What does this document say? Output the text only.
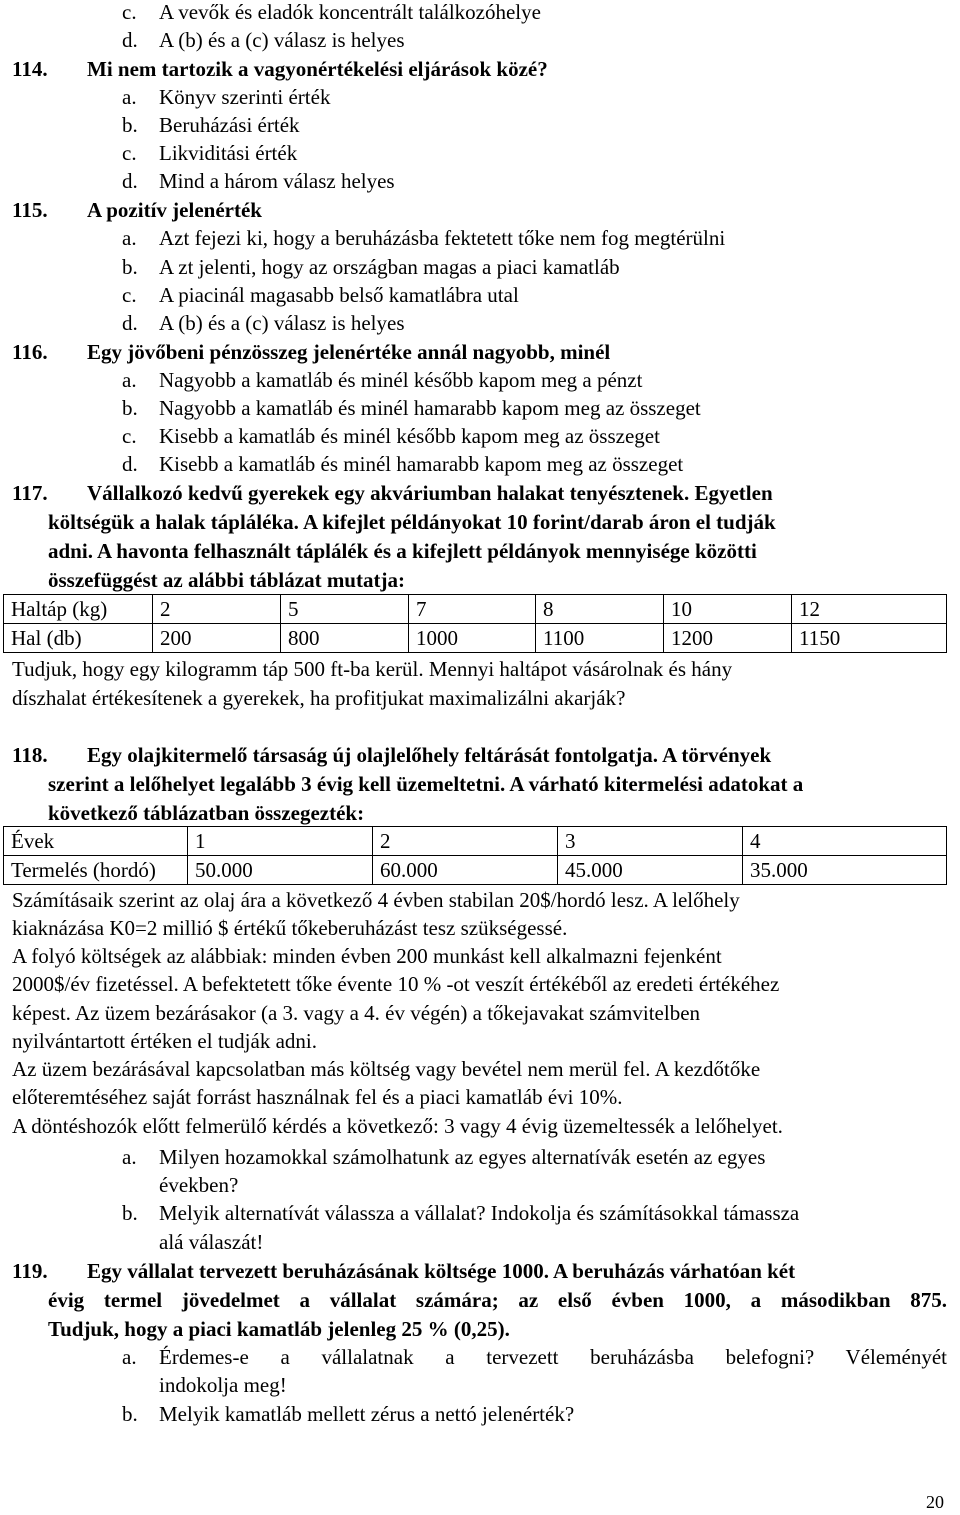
c. A vevők és eladók koncentrált találkozóhelye
d. A (b) és a (c) válasz is helyes
114. Mi nem tartozik a vagyonértékelési eljárások közé?
a. Könyv szerinti érték
b. Beruházási érték
c. Likviditási érték
d. Mind a három válasz helyes
115. A pozitív jelenérték
a. Azt fejezi ki, hogy a beruházásba fektetett tőke nem fog megtérülni
b. A zt jelenti, hogy az országban magas a piaci kamatláb
c. A piacinál magasabb belső kamatlábra utal
d. A (b) és a (c) válasz is helyes
116. Egy jövőbeni pénzösszeg jelenértéke annál nagyobb, minél
a. Nagyobb a kamatláb és minél később kapom meg a pénzt
b. Nagyobb a kamatláb és minél hamarabb kapom meg az összeget
c. Kisebb a kamatláb és minél később kapom meg az összeget
d. Kisebb a kamatláb és minél hamarabb kapom meg az összeget
117. Vállalkozó kedvű gyerekek egy akváriumban halakat tenyésztenek. Egyetlen
költségük a halak tápláléka. A kifejlet példányokat 10 forint/darab áron el tudják
adni. A havonta felhasznált táplálék és a kifejlett példányok mennyisége közötti
összefüggést az alábbi táblázat mutatja:
Haltáp (kg)	2	5	7	8	10	12
Hal (db)	200	800	1000	1100	1200	1150
Tudjuk, hogy egy kilogramm táp 500 ft-ba kerül. Mennyi haltápot vásárolnak és hány
díszhalat értékesítenek a gyerekek, ha profitjukat maximalizálni akarják?
118. Egy olajkitermelő társaság új olajlelőhely feltárását fontolgatja. A törvények
szerint a lelőhelyet legalább 3 évig kell üzemeltetni. A várható kitermelési adatokat a
következő táblázatban összegezték:
Évek	1	2	3	4
Termelés (hordó)	50.000	60.000	45.000	35.000
Számításaik szerint az olaj ára a következő 4 évben stabilan 20$/hordó lesz. A lelőhely
kiaknázása K0=2 millió $ értékű tőkeberuházást tesz szükségessé.
A folyó költségek az alábbiak: minden évben 200 munkást kell alkalmazni fejenként
2000$/év fizetéssel. A befektetett tőke évente 10 % -ot veszít értékéből az eredeti értékéhez
képest. Az üzem bezárásakor (a 3. vagy a 4. év végén) a tőkejavakat számvitelben
nyilvántartott értéken el tudják adni.
Az üzem bezárásával kapcsolatban más költség vagy bevétel nem merül fel. A kezdőtőke
előteremtéséhez saját forrást használnak fel és a piaci kamatláb évi 10%.
A döntéshozók előtt felmerülő kérdés a következő: 3 vagy 4 évig üzemeltessék a lelőhelyet.
a. Milyen hozamokkal számolhatunk az egyes alternatívák esetén az egyes
években?
b. Melyik alternatívát válassza a vállalat? Indokolja és számításokkal támassza
alá válaszát!
119. Egy vállalat tervezett beruházásának költsége 1000. A beruházás várhatóan két
évig termel jövedelmet a vállalat számára; az első évben 1000, a másodikban 875.
Tudjuk, hogy a piaci kamatláb jelenleg 25 % (0,25).
a. Érdemes-e a vállalatnak a tervezett beruházásba belefogni? Véleményét
indokolja meg!
b. Melyik kamatláb mellett zérus a nettó jelenérték?
20
